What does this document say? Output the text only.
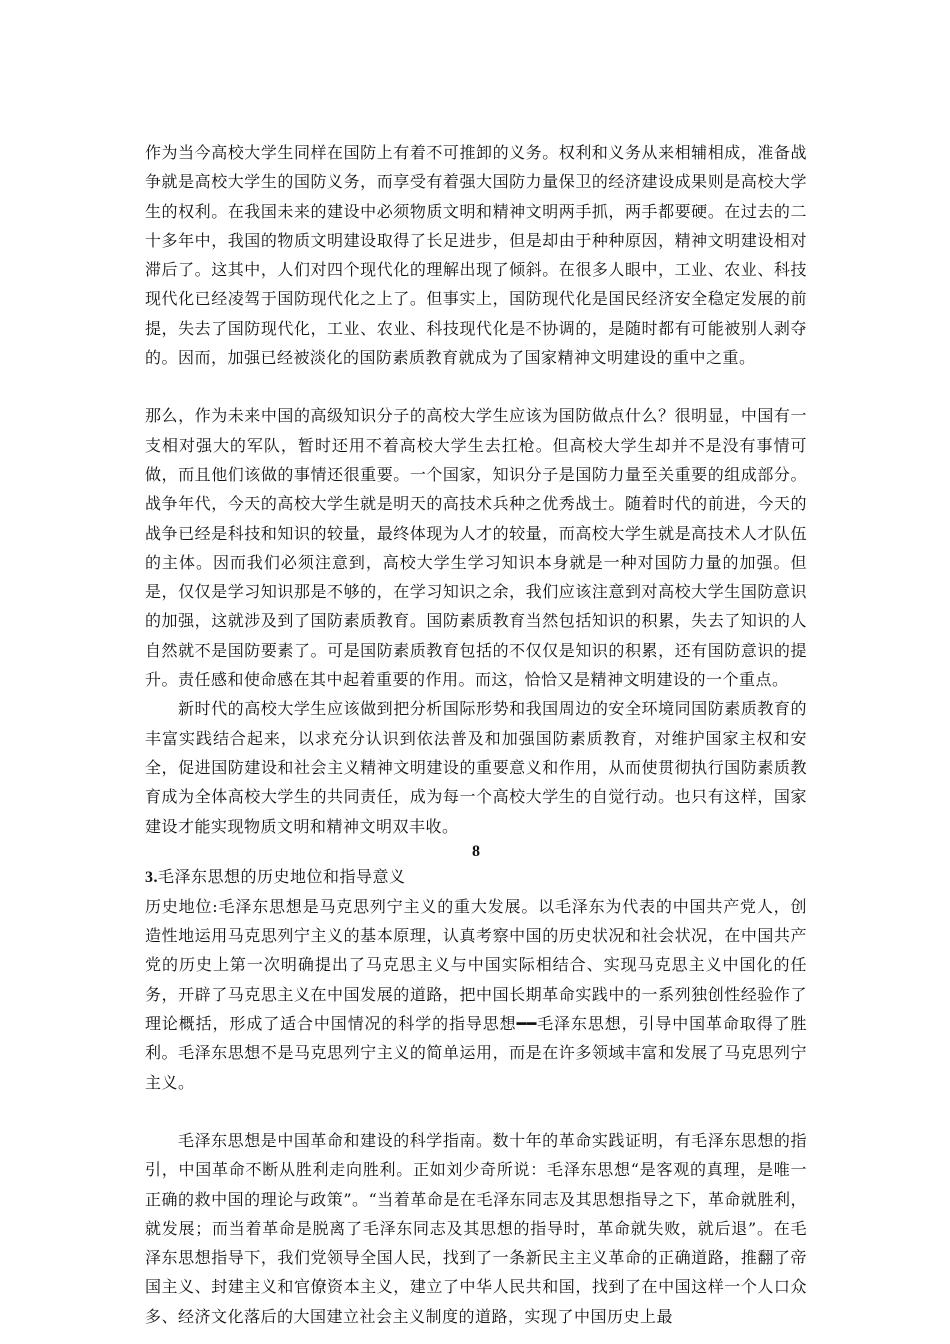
作为当今高校大学生同样在国防上有着不可推卸的义务。权利和义务从来相辅相成，准备战争就是高校大学生的国防义务，而享受有着强大国防力量保卫的经济建设成果则是高校大学生的权利。在我国未来的建设中必须物质文明和精神文明两手抓，两手都要硬。在过去的二十多年中，我国的物质文明建设取得了长足进步，但是却由于种种原因，精神文明建设相对滞后了。这其中，人们对四个现代化的理解出现了倾斜。在很多人眼中，工业、农业、科技现代化已经凌驾于国防现代化之上了。但事实上，国防现代化是国民经济安全稳定发展的前提，失去了国防现代化，工业、农业、科技现代化是不协调的，是随时都有可能被别人剥夺的。因而，加强已经被淡化的国防素质教育就成为了国家精神文明建设的重中之重。

那么，作为未来中国的高级知识分子的高校大学生应该为国防做点什么？很明显，中国有一支相对强大的军队，暂时还用不着高校大学生去扛枪。但高校大学生却并不是没有事情可做，而且他们该做的事情还很重要。一个国家，知识分子是国防力量至关重要的组成部分。战争年代，今天的高校大学生就是明天的高技术兵种之优秀战士。随着时代的前进，今天的战争已经是科技和知识的较量，最终体现为人才的较量，而高校大学生就是高技术人才队伍的主体。因而我们必须注意到，高校大学生学习知识本身就是一种对国防力量的加强。但是，仅仅是学习知识那是不够的，在学习知识之余，我们应该注意到对高校大学生国防意识的加强，这就涉及到了国防素质教育。国防素质教育当然包括知识的积累，失去了知识的人自然就不是国防要素了。可是国防素质教育包括的不仅仅是知识的积累，还有国防意识的提升。责任感和使命感在其中起着重要的作用。而这，恰恰又是精神文明建设的一个重点。

新时代的高校大学生应该做到把分析国际形势和我国周边的安全环境同国防素质教育的丰富实践结合起来，以求充分认识到依法普及和加强国防素质教育，对维护国家主权和安全，促进国防建设和社会主义精神文明建设的重要意义和作用，从而使贯彻执行国防素质教育成为全体高校大学生的共同责任，成为每一个高校大学生的自觉行动。也只有这样，国家建设才能实现物质文明和精神文明双丰收。

8

3.毛泽东思想的历史地位和指导意义

历史地位:毛泽东思想是马克思列宁主义的重大发展。以毛泽东为代表的中国共产党人，创造性地运用马克思列宁主义的基本原理，认真考察中国的历史状况和社会状况，在中国共产党的历史上第一次明确提出了马克思主义与中国实际相结合、实现马克思主义中国化的任务，开辟了马克思主义在中国发展的道路，把中国长期革命实践中的一系列独创性经验作了理论概括，形成了适合中国情况的科学的指导思想━━毛泽东思想，引导中国革命取得了胜利。毛泽东思想不是马克思列宁主义的简单运用，而是在许多领域丰富和发展了马克思列宁主义。

毛泽东思想是中国革命和建设的科学指南。数十年的革命实践证明，有毛泽东思想的指引，中国革命不断从胜利走向胜利。正如刘少奇所说：毛泽东思想“是客观的真理，是唯一正确的救中国的理论与政策”。“当着革命是在毛泽东同志及其思想指导之下，革命就胜利，就发展；而当着革命是脱离了毛泽东同志及其思想的指导时，革命就失败，就后退”。在毛泽东思想指导下，我们党领导全国人民，找到了一条新民主主义革命的正确道路，推翻了帝国主义、封建主义和官僚资本主义，建立了中华人民共和国，找到了在中国这样一个人口众多、经济文化落后的大国建立社会主义制度的道路，实现了中国历史上最
